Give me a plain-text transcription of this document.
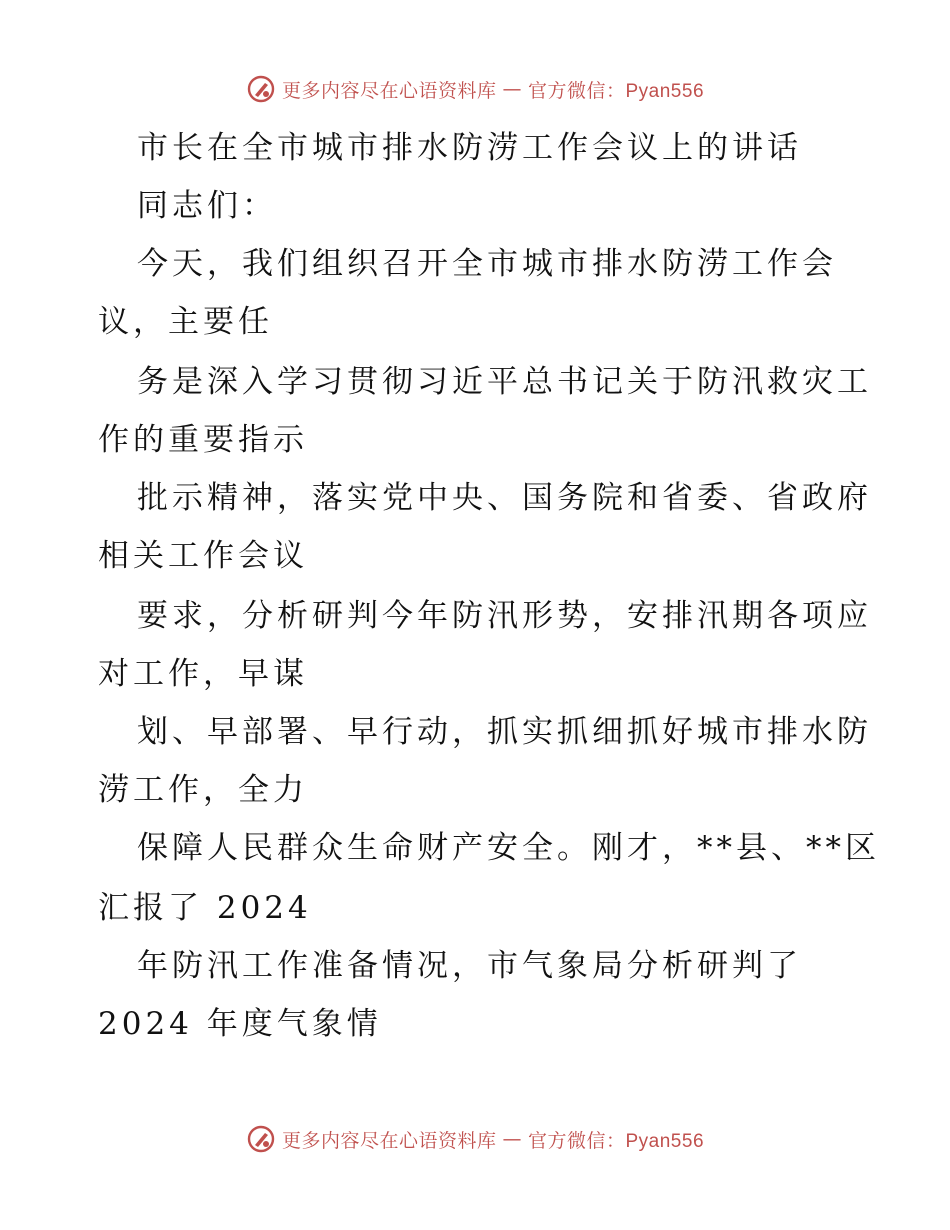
更多内容尽在心语资料库 — 官方微信：Pyan556
市长在全市城市排水防涝工作会议上的讲话
同志们：
今天，我们组织召开全市城市排水防涝工作会
议，主要任
务是深入学习贯彻习近平总书记关于防汛救灾工
作的重要指示
批示精神，落实党中央、国务院和省委、省政府
相关工作会议
要求，分析研判今年防汛形势，安排汛期各项应
对工作，早谋
划、早部署、早行动，抓实抓细抓好城市排水防
涝工作，全力
保障人民群众生命财产安全。刚才，**县、**区
汇报了 2024
年防汛工作准备情况，市气象局分析研判了
2024 年度气象情
更多内容尽在心语资料库 — 官方微信：Pyan556
